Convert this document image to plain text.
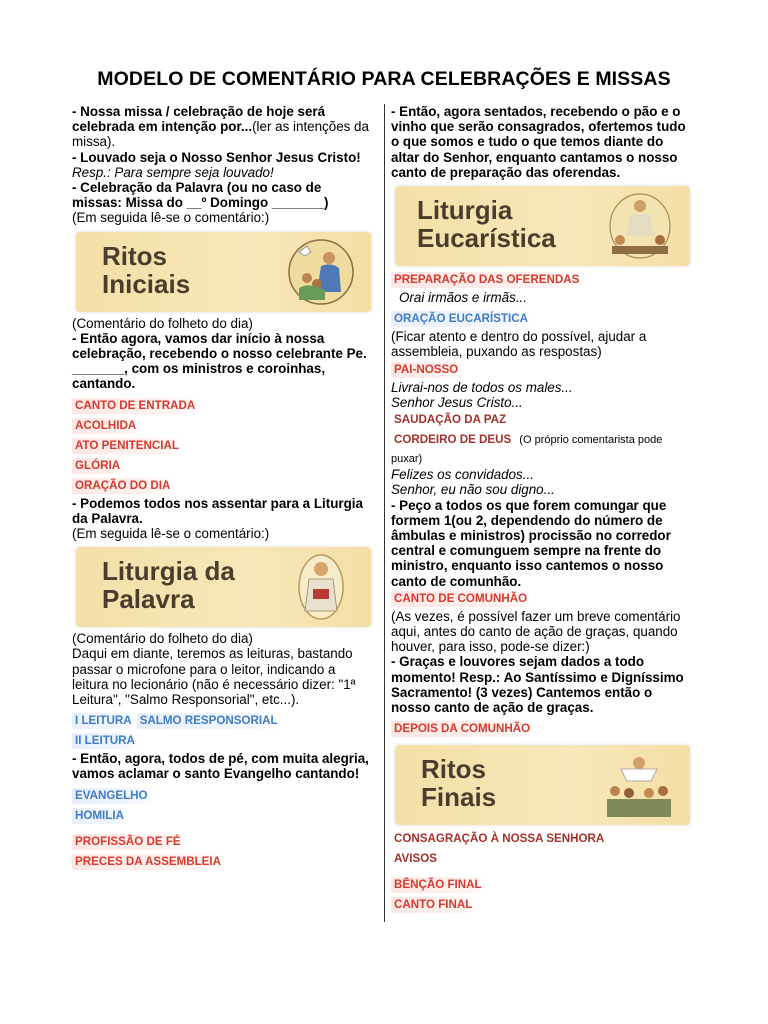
MODELO DE COMENTÁRIO PARA CELEBRAÇÕES E MISSAS

- Nossa missa / celebração de hoje será celebrada em intenção por...(ler as intenções da missa).

- Louvado seja o Nosso Senhor Jesus Cristo! Resp.: Para sempre seja louvado!

- Celebração da Palavra (ou no caso de missas: Missa do __º Domingo _______)

(Em seguida lê-se o comentário:)

Ritos Iniciais

(Comentário do folheto do dia)

- Então agora, vamos dar início à nossa celebração, recebendo o nosso celebrante Pe. _______, com os ministros e coroinhas, cantando.

CANTO DE ENTRADA
ACOLHIDA
ATO PENITENCIAL
GLÓRIA
ORAÇÃO DO DIA

- Podemos todos nos assentar para a Liturgia da Palavra.

(Em seguida lê-se o comentário:)

Liturgia da Palavra

(Comentário do folheto do dia)

Daqui em diante, teremos as leituras, bastando passar o microfone para o leitor, indicando a leitura no lecionário (não é necessário dizer: "1ª Leitura", "Salmo Responsorial", etc...).

I LEITURA SALMO RESPONSORIAL
II LEITURA

- Então, agora, todos de pé, com muita alegria, vamos aclamar o santo Evangelho cantando!

EVANGELHO
HOMILIA
PROFISSÃO DE FÉ
PRECES DA ASSEMBLEIA

- Então, agora sentados, recebendo o pão e o vinho que serão consagrados, ofertemos tudo o que somos e tudo o que temos diante do altar do Senhor, enquanto cantamos o nosso canto de preparação das oferendas.

Liturgia Eucarística
PREPARAÇÃO DAS OFERENDAS

Orai irmãos e irmãs...

ORAÇÃO EUCARÍSTICA

(Ficar atento e dentro do possível, ajudar a assembleia, puxando as respostas)

PAI-NOSSO

Livrai-nos de todos os males...

Senhor Jesus Cristo...

SAUDAÇÃO DA PAZ
CORDEIRO DE DEUS (O próprio comentarista pode puxar)

Felizes os convidados...

Senhor, eu não sou digno...

- Peço a todos os que forem comungar que formem 1(ou 2, dependendo do número de âmbulas e ministros) procissão no corredor central e comunguem sempre na frente do ministro, enquanto isso cantemos o nosso canto de comunhão.

CANTO DE COMUNHÃO

(As vezes, é possível fazer um breve comentário aqui, antes do canto de ação de graças, quando houver, para isso, pode-se dizer:)

- Graças e louvores sejam dados a todo momento! Resp.: Ao Santíssimo e Digníssimo Sacramento! (3 vezes) Cantemos então o nosso canto de ação de graças.

DEPOIS DA COMUNHÃO
Ritos Finais
CONSAGRAÇÃO À NOSSA SENHORA
AVISOS
BÊNÇÃO FINAL
CANTO FINAL
